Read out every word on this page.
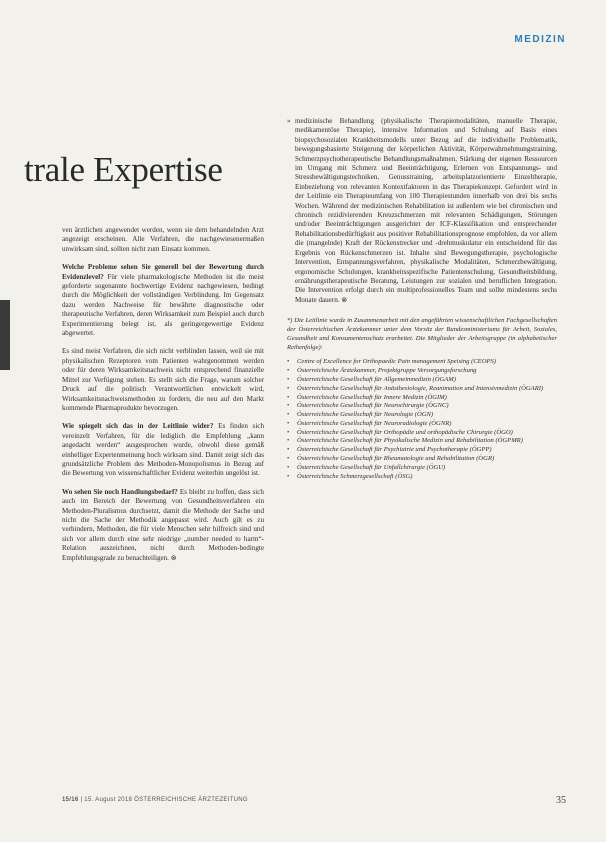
MEDIZIN
trale Expertise

ven ärztlichen angewendet werden, wenn sie dem behandelnden Arzt angezeigt erscheinen. Alle Verfahren, die nachgewiesenermaßen unwirksam sind, sollten nicht zum Einsatz kommen.

Welche Probleme sehen Sie generell bei der Bewertung durch Evidenzlevel? Für viele pharmakologische Methoden ist die meist geforderte sogenannte hochwertige Evidenz nachgewiesen, bedingt durch die Möglichkeit der vollständigen Verblindung. Im Gegensatz dazu werden Nachweise für bewährte diagnostische oder therapeutische Verfahren, deren Wirksamkeit zum Beispiel auch durch Experimentierung belegt ist, als geringergewertige Evidenz abgewertet.

Es sind meist Verfahren, die sich nicht verblinden lassen, weil sie mit physikalischen Rezeptoren vom Patienten wahrgenommen werden oder für deren Wirksamkeitsnachweis nicht entsprechend finanzielle Mittel zur Verfügung stehen. Es stellt sich die Frage, warum solcher Druck auf die politisch Verantwortlichen entwickelt wird, Wirksamkeitsnachweismethoden zu fordern, die neu auf den Markt kommende Pharmaprodukte bevorzugen.

Wie spiegelt sich das in der Leitlinie wider? Es finden sich vereinzelt Verfahren, für die lediglich die Empfehlung „kann angedacht werden“ ausgesprochen wurde, obwohl diese gemäß einhelliger Expertenmeinung hoch wirksam sind. Damit zeigt sich das grundsätzliche Problem des Methoden-Monopolismus in Bezug auf die Bewertung von wissenschaftlicher Evidenz weiterhin ungelöst ist.

Wo sehen Sie noch Handlungsbedarf? Es bleibt zu hoffen, dass sich auch im Bereich der Bewertung von Gesundheitsverfahren ein Methoden-Pluralismus durchsetzt, damit die Methode der Sache und nicht die Sache der Methodik angepasst wird. Auch gilt es zu verhindern, Methoden, die für viele Menschen sehr hilfreich sind und sich vor allem durch eine sehr niedrige „number needed to harm“-Relation auszeichnen, nicht durch Methoden-bedingte Empfehlungsgrade zu benachteiligen. ⊗

» medizinische Behandlung (physikalische Therapiemodalitäten, manuelle Therapie, medikamentöse Therapie), intensive Information und Schulung auf Basis eines biopsychosozialen Krankheitsmodells unter Bezug auf die individuelle Problematik, bewegungsbasierte Steigerung der körperlichen Aktivität, Körperwahrnehmungstraining, Schmerzpsychotherapeutische Behandlungsmaßnahmen, Stärkung der eigenen Ressourcen im Umgang mit Schmerz und Beeinträchtigung, Erlernen von Entspannungs- und Stressbewältigungstechniken, Genusstraining, arbeitsplatzorientierte Einzeltherapie, Einbeziehung von relevanten Kontextfaktoren in das Therapiekonzept. Gefordert wird in der Leitlinie ein Therapieumfang von 100 Therapiestunden innerhalb von drei bis sechs Wochen. Während der medizinischen Rehabilitation ist außerdem wie bei chronischen und chronisch rezidivierenden Kreuzschmerzen mit relevanten Schädigungen, Störungen und/oder Beeinträchtigungen ausgerichtet der ICF-Klassifikation und entsprechender Rehabilitationsbedürftigkeit aus positiver Rehabilitationsprognose empfohlen, da vor allem die (mangelnde) Kraft der Rückenstrecker und -drehmuskulatur ein entscheidend für das Ergebnis von Rückenschmerzen ist. Inhalte sind Bewegungstherapie, psychologische Intervention, Entspannungsverfahren, physikalische Modalitäten, Schmerzbewältigung, ergonomische Schulungen, krankheitsspezifische Patientenschulung, Gesundheitsbildung, ernährungstherapeutische Beratung, Leistungen zur sozialen und beruflichen Integration. Die Intervention erfolgt durch ein multiprofessionelles Team und sollte mindestens sechs Monate dauern. ⊗

*) Die Leitlinie wurde in Zusammenarbeit mit den angeführten wissenschaftlichen Fachgesellschaften der Österreichischen Ärztekammer unter dem Vorsitz der Bundesministeriums für Arbeit, Soziales, Gesundheit und Konsumentenschutz erarbeitet. Die Mitglieder der Arbeitsgruppe (in alphabetischer Reihenfolge):
• Centre of Excellence for Orthopaedic Pain management Speising (CEOPS)
• Österreichische Ärztekammer, Projektgruppe Versorgungsforschung
• Österreichische Gesellschaft für Allgemeinmedizin (ÖGAM)
• Österreichische Gesellschaft für Anästhesiologie, Reanimation und Intensivmedizin (ÖGARI)
• Österreichische Gesellschaft für Innere Medizin (ÖGIM)
• Österreichische Gesellschaft für Neurochirurgie (ÖGNC)
• Österreichische Gesellschaft für Neurologie (ÖGN)
• Österreichische Gesellschaft für Neuroradiologie (ÖGNR)
• Österreichische Gesellschaft für Orthopädie und orthopädische Chirurgie (ÖGO)
• Österreichische Gesellschaft für Physikalische Medizin und Rehabilitation (ÖGPMR)
• Österreichische Gesellschaft für Psychiatrie und Psychotherapie (ÖGPP)
• Österreichische Gesellschaft für Rheumatologie und Rehabilitation (ÖGR)
• Österreichische Gesellschaft für Unfallchirurgie (ÖGU)
• Österreichische Schmerzgesellschaft (ÖSG)
15/16 | 15. August 2018 ÖSTERREICHISCHE ÄRZTEZEITUNG	35
